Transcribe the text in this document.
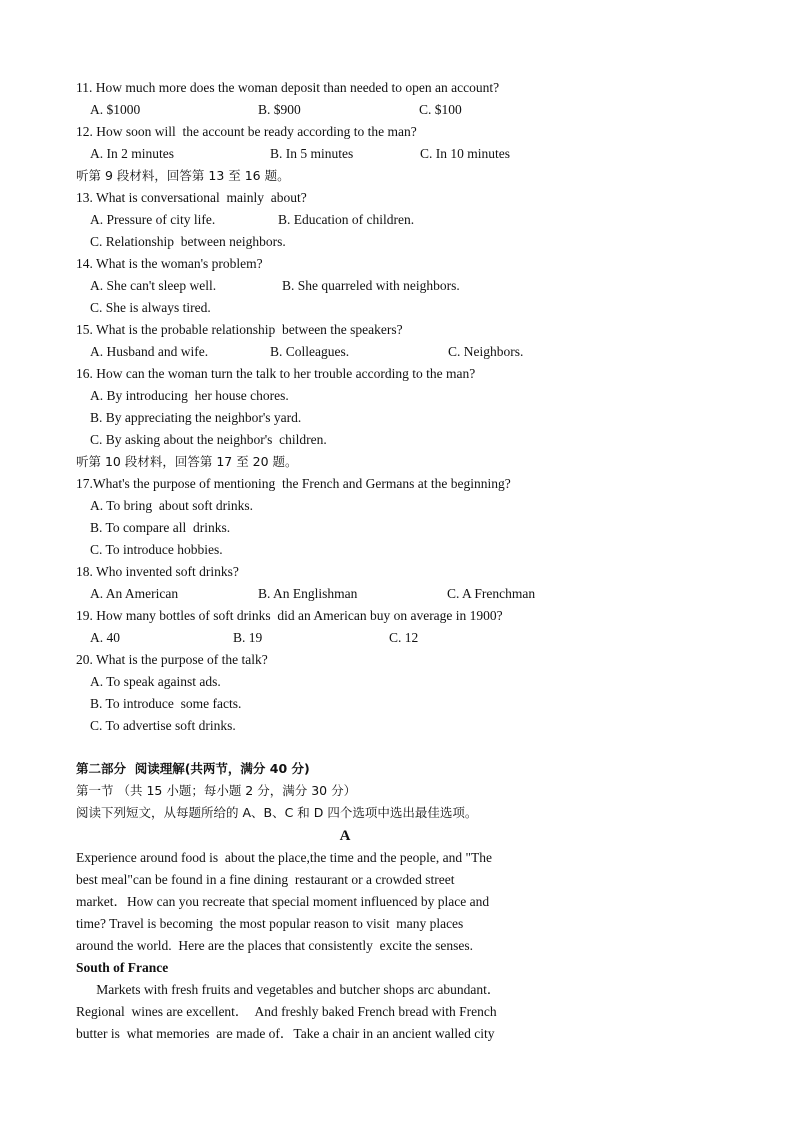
11. How much more does the woman deposit than needed to open an account?
A. $1000	B. $900	C. $100
12. How soon will  the account be ready according to the man?
A. In 2 minutes	B. In 5 minutes	C. In 10 minutes
听第 9 段材料，回答第 13 至 16 题。
13. What is conversational  mainly  about?
A. Pressure of city life.	B. Education of children.
C. Relationship  between neighbors.
14. What is the woman's problem?
A. She can't sleep well.	B. She quarreled with neighbors.
C. She is always tired.
15. What is the probable relationship  between the speakers?
A. Husband and wife.	B. Colleagues.	C. Neighbors.
16. How can the woman turn the talk to her trouble according to the man?
A. By introducing  her house chores.
B. By appreciating the neighbor's yard.
C. By asking about the neighbor's  children.
听第 10 段材料，回答第 17 至 20 题。
17.What's the purpose of mentioning  the French and Germans at the beginning?
A. To bring  about soft drinks.
B. To compare all  drinks.
C. To introduce hobbies.
18. Who invented soft drinks?
A. An American	B. An Englishman	C. A Frenchman
19. How many bottles of soft drinks  did an American buy on average in 1900?
A. 40	B. 19	C. 12
20. What is the purpose of the talk?
A. To speak against ads.
B. To introduce  some facts.
C. To advertise soft drinks.
第二部分  阅读理解(共两节，满分 40 分)
第一节 （共 15 小题；每小题 2 分，满分 30 分）
阅读下列短文，从每题所给的 A、B、C 和 D 四个选项中选出最佳选项。
A
Experience around food is  about the place,the time and the people, and "The
best meal"can be found in a fine dining  restaurant or a crowded street
market．How can you recreate that special moment influenced by place and
time? Travel is becoming  the most popular reason to visit  many places
around the world.  Here are the places that consistently  excite the senses.
South of France
Markets with fresh fruits and vegetables and butcher shops arc abundant．
Regional  wines are excellent．  And freshly baked French bread with French
butter is  what memories  are made of．Take a chair in an ancient walled city
